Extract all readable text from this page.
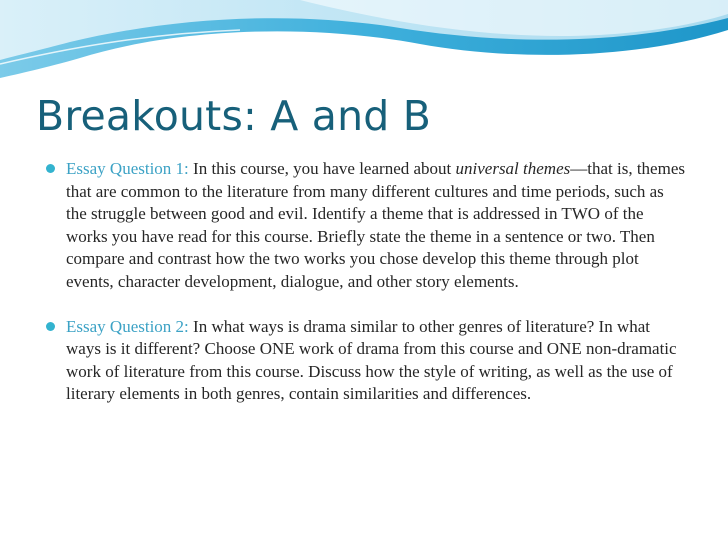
Breakouts: A and B
Essay Question 1: In this course, you have learned about universal themes—that is, themes that are common to the literature from many different cultures and time periods, such as the struggle between good and evil. Identify a theme that is addressed in TWO of the works you have read for this course. Briefly state the theme in a sentence or two. Then compare and contrast how the two works you chose develop this theme through plot events, character development, dialogue, and other story elements.
Essay Question 2: In what ways is drama similar to other genres of literature? In what ways is it different? Choose ONE work of drama from this course and ONE non-dramatic work of literature from this course. Discuss how the style of writing, as well as the use of literary elements in both genres, contain similarities and differences.
